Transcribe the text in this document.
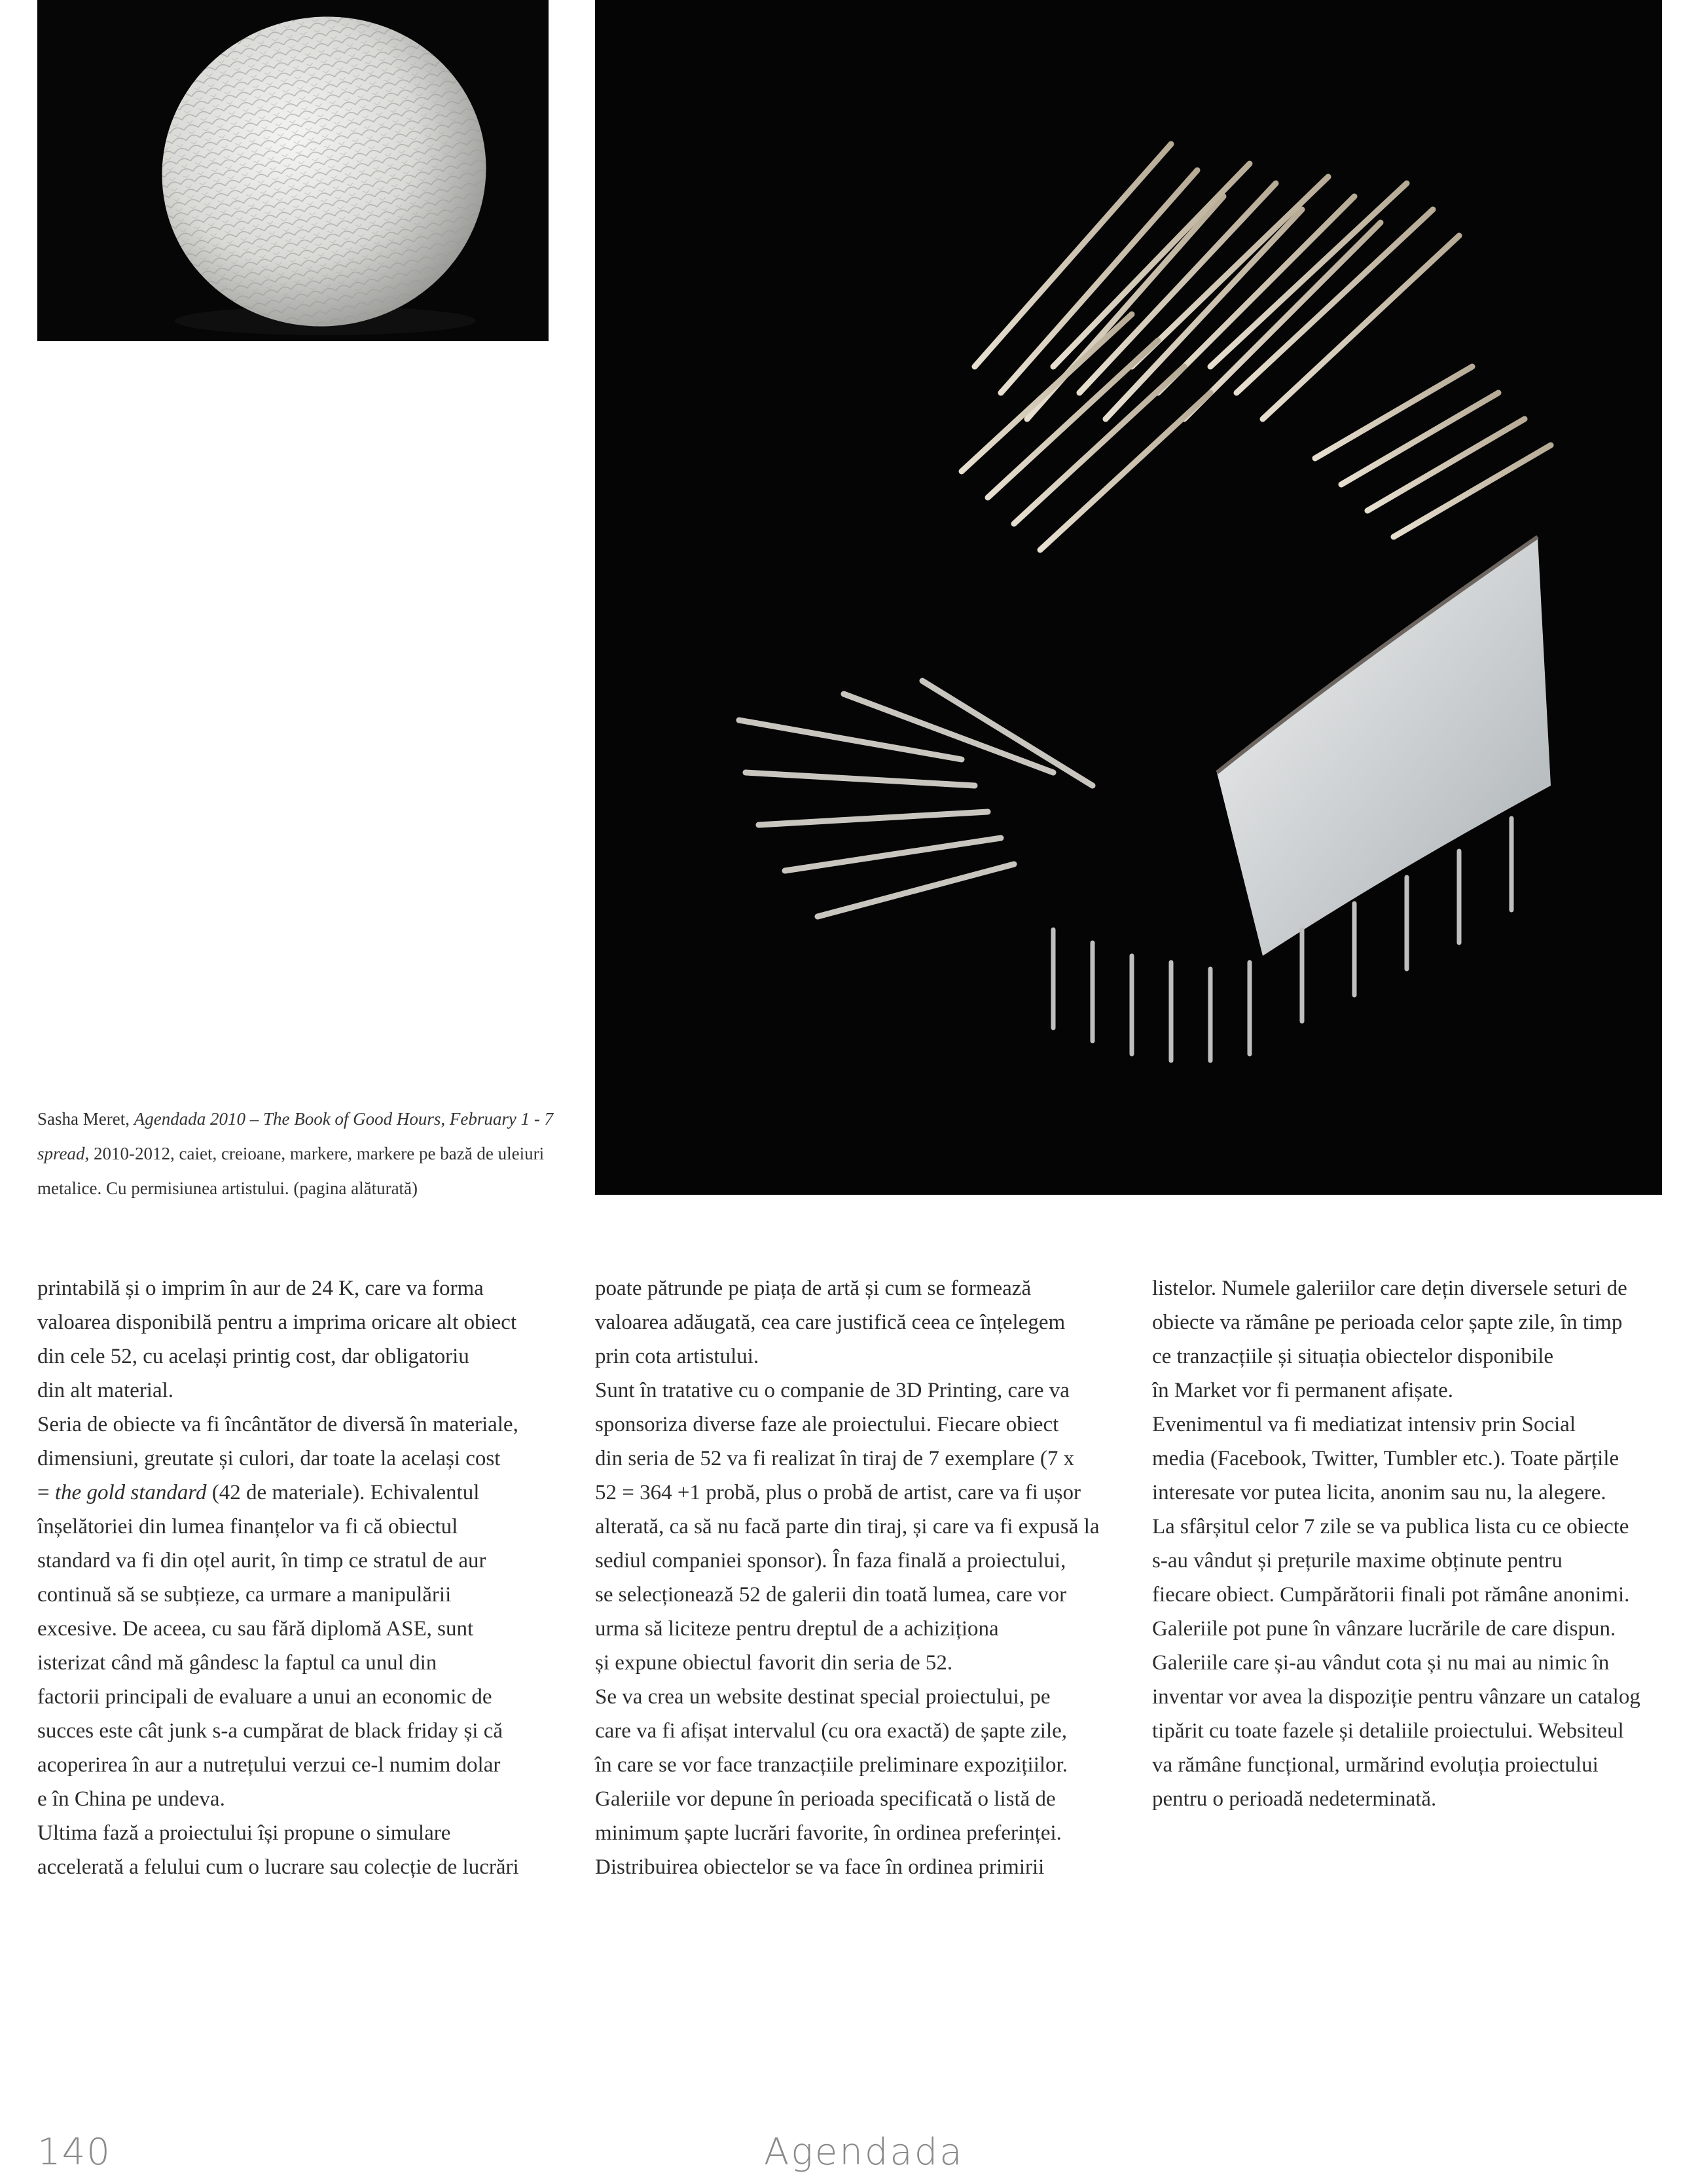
Sasha Meret, Agendada 2010 – The Book of Good Hours, February 1 - 7 spread, 2010-2012, caiet, creioane, markere, markere pe bază de uleiuri metalice. Cu permisiunea artistului. (pagina alăturată)

printabilă și o imprim în aur de 24 K, care va forma
valoarea disponibilă pentru a imprima oricare alt obiect
din cele 52, cu același printig cost, dar obligatoriu
din alt material.
Seria de obiecte va fi încântător de diversă în materiale,
dimensiuni, greutate și culori, dar toate la același cost
= the gold standard (42 de materiale). Echivalentul
înșelătoriei din lumea finanțelor va fi că obiectul
standard va fi din oțel aurit, în timp ce stratul de aur
continuă să se subțieze, ca urmare a manipulării
excesive. De aceea, cu sau fără diplomă ASE, sunt
isterizat când mă gândesc la faptul ca unul din
factorii principali de evaluare a unui an economic de
succes este cât junk s-a cumpărat de black friday și că
acoperirea în aur a nutrețului verzui ce-l numim dolar
e în China pe undeva.
Ultima fază a proiectului își propune o simulare
accelerată a felului cum o lucrare sau colecție de lucrări

poate pătrunde pe piața de artă și cum se formează
valoarea adăugată, cea care justifică ceea ce înțelegem
prin cota artistului.
Sunt în tratative cu o companie de 3D Printing, care va
sponsoriza diverse faze ale proiectului. Fiecare obiect
din seria de 52 va fi realizat în tiraj de 7 exemplare (7 x
52 = 364 +1 probă, plus o probă de artist, care va fi ușor
alterată, ca să nu facă parte din tiraj, și care va fi expusă la
sediul companiei sponsor). În faza finală a proiectului,
se selecționează 52 de galerii din toată lumea, care vor
urma să liciteze pentru dreptul de a achiziționa
și expune obiectul favorit din seria de 52.
Se va crea un website destinat special proiectului, pe
care va fi afișat intervalul (cu ora exactă) de șapte zile,
în care se vor face tranzacțiile preliminare expozițiilor.
Galeriile vor depune în perioada specificată o listă de
minimum șapte lucrări favorite, în ordinea preferinței.
Distribuirea obiectelor se va face în ordinea primirii

listelor. Numele galeriilor care dețin diversele seturi de
obiecte va rămâne pe perioada celor șapte zile, în timp
ce tranzacțiile și situația obiectelor disponibile
în Market vor fi permanent afișate.
Evenimentul va fi mediatizat intensiv prin Social
media (Facebook, Twitter, Tumbler etc.). Toate părțile
interesate vor putea licita, anonim sau nu, la alegere.
La sfârșitul celor 7 zile se va publica lista cu ce obiecte
s-au vândut și prețurile maxime obținute pentru
fiecare obiect. Cumpărătorii finali pot rămâne anonimi.
Galeriile pot pune în vânzare lucrările de care dispun.
Galeriile care și-au vândut cota și nu mai au nimic în
inventar vor avea la dispoziție pentru vânzare un catalog
tipărit cu toate fazele și detaliile proiectului. Websiteul
va rămâne funcțional, urmărind evoluția proiectului
pentru o perioadă nedeterminată.

140	Agendada
